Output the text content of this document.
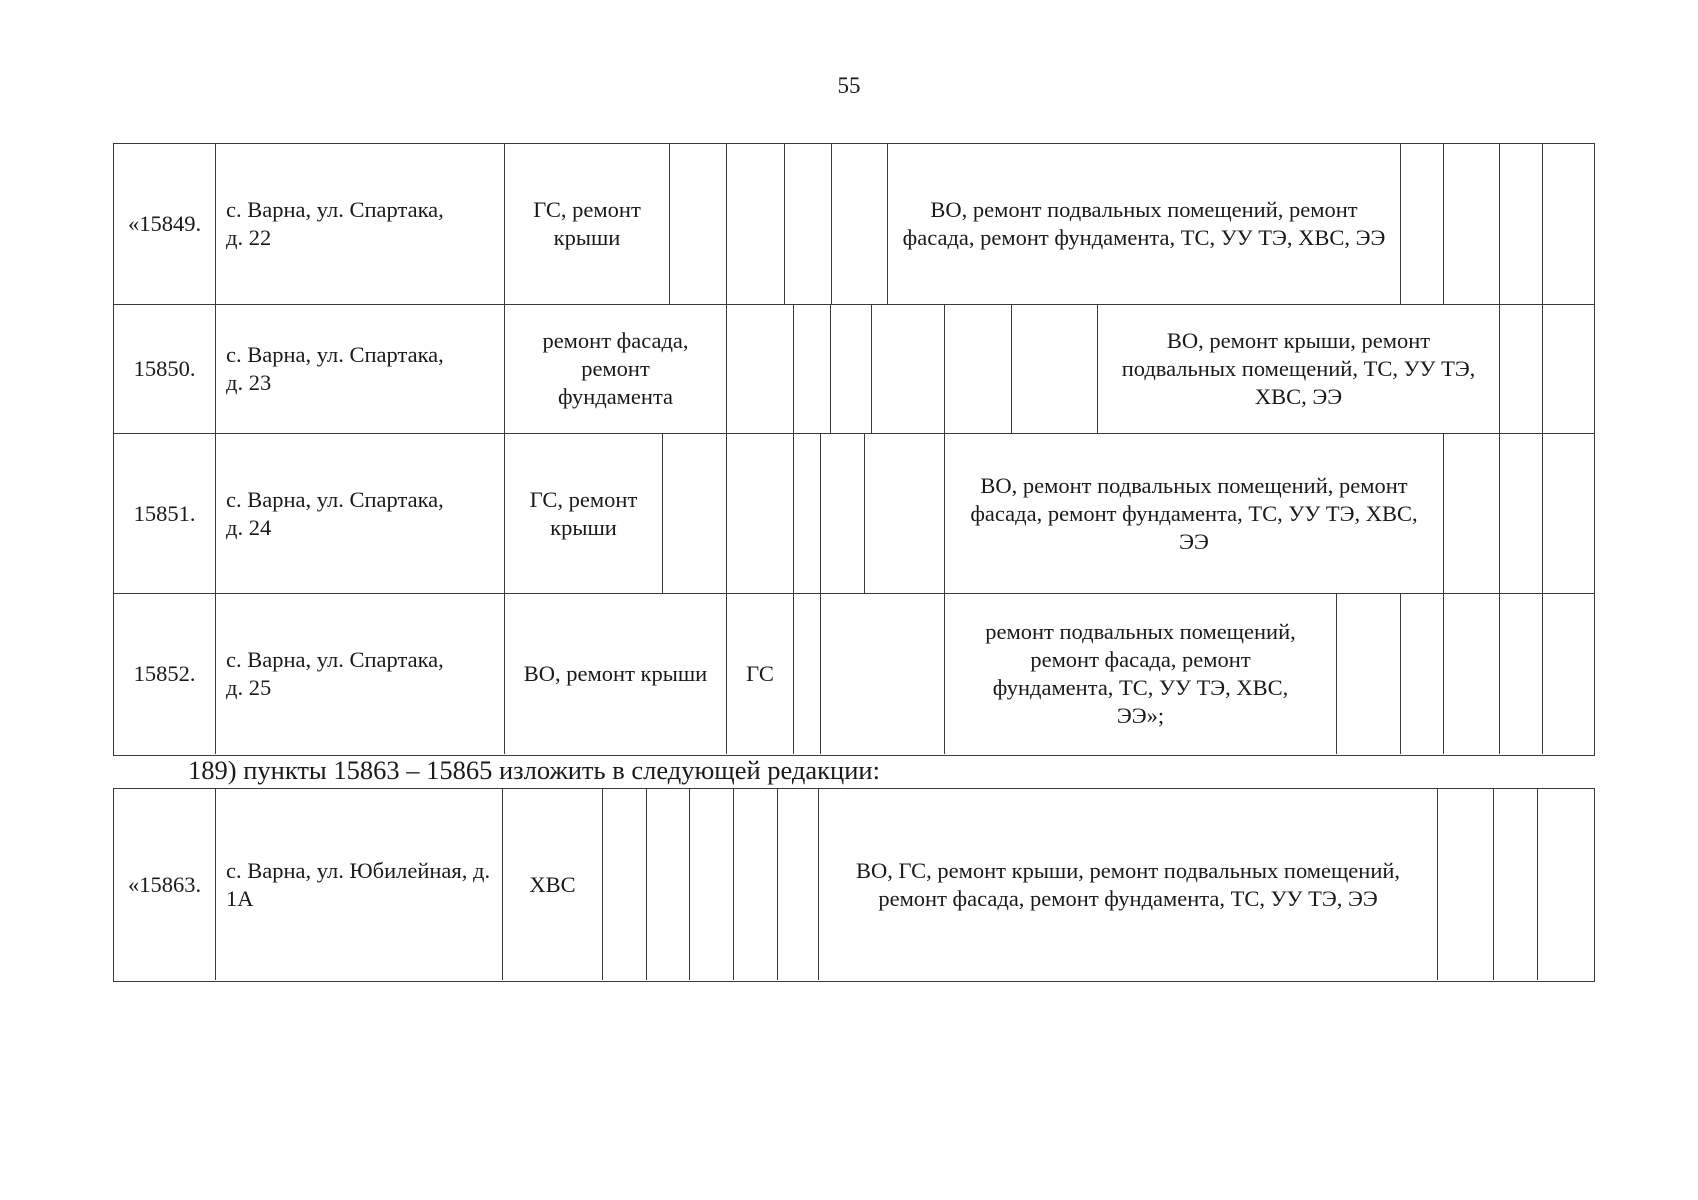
55
«15849.
с. Варна, ул. Спартака, д. 22
ГС, ремонт крыши
ВО, ремонт подвальных помещений, ремонт фасада, ремонт фундамента, ТС, УУ ТЭ, ХВС, ЭЭ
15850.
с. Варна, ул. Спартака, д. 23
ремонт фасада, ремонт фундамента
ВО, ремонт крыши, ремонт подвальных помещений, ТС, УУ ТЭ, ХВС, ЭЭ
15851.
с. Варна, ул. Спартака, д. 24
ГС, ремонт крыши
ВО, ремонт подвальных помещений, ремонт фасада, ремонт фундамента, ТС, УУ ТЭ, ХВС, ЭЭ
15852.
с. Варна, ул. Спартака, д. 25
ВО, ремонт крыши ГС
ремонт подвальных помещений, ремонт фасада, ремонт фундамента, ТС, УУ ТЭ, ХВС, ЭЭ»;
189) пункты 15863 – 15865 изложить в следующей редакции:
«15863.
с. Варна, ул. Юбилейная, д. 1А
ХВС
ВО, ГС, ремонт крыши, ремонт подвальных помещений, ремонт фасада, ремонт фундамента, ТС, УУ ТЭ, ЭЭ
